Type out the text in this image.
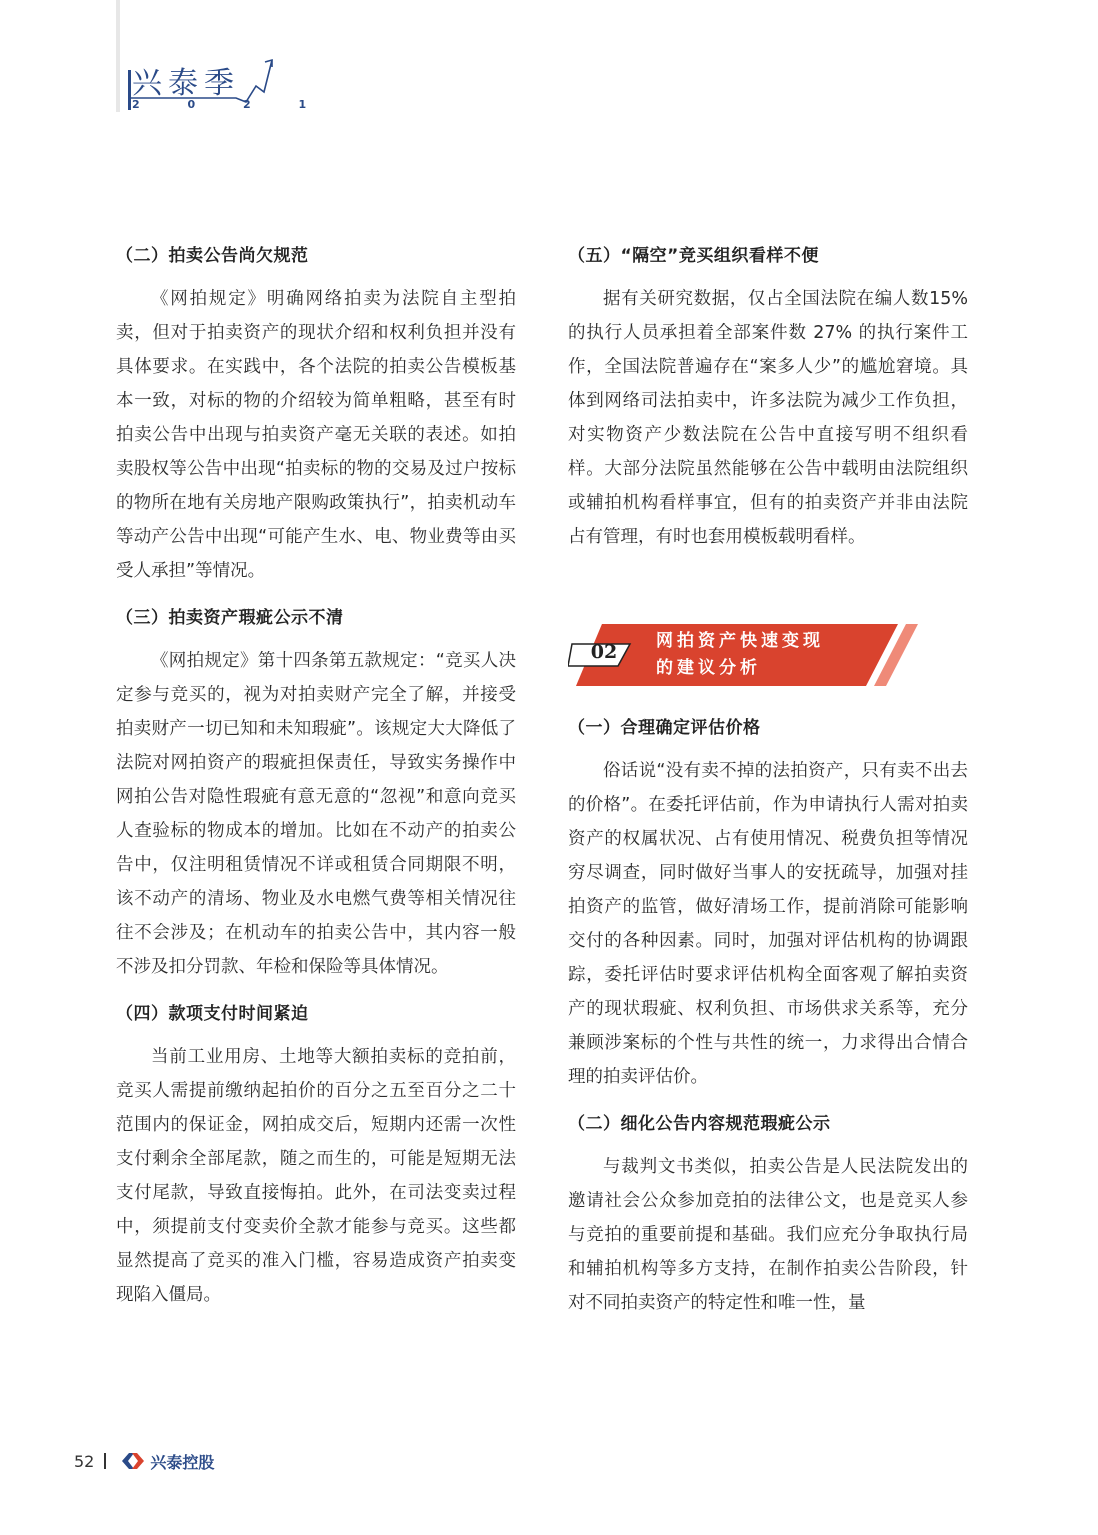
兴泰季
2 0 2 1
（二）拍卖公告尚欠规范

《网拍规定》明确网络拍卖为法院自主型拍卖，但对于拍卖资产的现状介绍和权利负担并没有具体要求。在实践中，各个法院的拍卖公告模板基本一致，对标的物的介绍较为简单粗略，甚至有时拍卖公告中出现与拍卖资产毫无关联的表述。如拍卖股权等公告中出现“拍卖标的物的交易及过户按标的物所在地有关房地产限购政策执行”，拍卖机动车等动产公告中出现“可能产生水、电、物业费等由买受人承担”等情况。

（三）拍卖资产瑕疵公示不清

《网拍规定》第十四条第五款规定：“竞买人决定参与竞买的，视为对拍卖财产完全了解，并接受拍卖财产一切已知和未知瑕疵”。该规定大大降低了法院对网拍资产的瑕疵担保责任，导致实务操作中网拍公告对隐性瑕疵有意无意的“忽视”和意向竞买人查验标的物成本的增加。比如在不动产的拍卖公告中，仅注明租赁情况不详或租赁合同期限不明，该不动产的清场、物业及水电燃气费等相关情况往往不会涉及；在机动车的拍卖公告中，其内容一般不涉及扣分罚款、年检和保险等具体情况。

（四）款项支付时间紧迫

当前工业用房、土地等大额拍卖标的竞拍前，竞买人需提前缴纳起拍价的百分之五至百分之二十范围内的保证金，网拍成交后，短期内还需一次性支付剩余全部尾款，随之而生的，可能是短期无法支付尾款，导致直接悔拍。此外，在司法变卖过程中，须提前支付变卖价全款才能参与竞买。这些都显然提高了竞买的准入门槛，容易造成资产拍卖变现陷入僵局。

（五）“隔空”竞买组织看样不便

据有关研究数据，仅占全国法院在编人数15% 的执行人员承担着全部案件数 27% 的执行案件工作，全国法院普遍存在“案多人少”的尴尬窘境。具体到网络司法拍卖中，许多法院为减少工作负担，对实物资产少数法院在公告中直接写明不组织看样。大部分法院虽然能够在公告中载明由法院组织或辅拍机构看样事宜，但有的拍卖资产并非由法院占有管理，有时也套用模板载明看样。

02	网拍资产快速变现
的建议分析
（一）合理确定评估价格

俗话说“没有卖不掉的法拍资产，只有卖不出去的价格”。在委托评估前，作为申请执行人需对拍卖资产的权属状况、占有使用情况、税费负担等情况穷尽调查，同时做好当事人的安抚疏导，加强对挂拍资产的监管，做好清场工作，提前消除可能影响交付的各种因素。同时，加强对评估机构的协调跟踪，委托评估时要求评估机构全面客观了解拍卖资产的现状瑕疵、权利负担、市场供求关系等，充分兼顾涉案标的个性与共性的统一，力求得出合情合理的拍卖评估价。

（二）细化公告内容规范瑕疵公示

与裁判文书类似，拍卖公告是人民法院发出的邀请社会公众参加竞拍的法律公文，也是竞买人参与竞拍的重要前提和基础。我们应充分争取执行局和辅拍机构等多方支持，在制作拍卖公告阶段，针对不同拍卖资产的特定性和唯一性，量

52	兴泰控股
